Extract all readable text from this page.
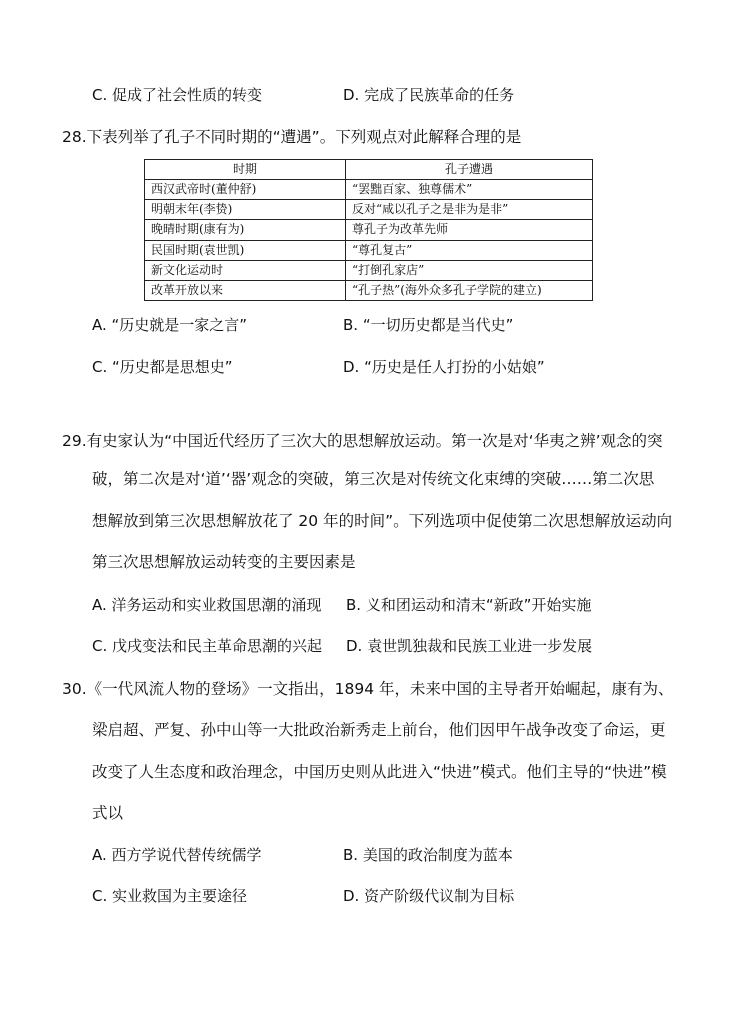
C. 促成了社会性质的转变	D. 完成了民族革命的任务
28.下表列举了孔子不同时期的“遭遇”。下列观点对此解释合理的是
时期	孔子遭遇
西汉武帝时(董仲舒)	“罢黜百家、独尊儒术”
明朝末年(李贽)	反对“咸以孔子之是非为是非”
晚晴时期(康有为)	尊孔子为改革先师
民国时期(袁世凯)	“尊孔复古”
新文化运动时	“打倒孔家店”
改革开放以来	“孔子热”(海外众多孔子学院的建立)
A. “历史就是一家之言”	B. “一切历史都是当代史”
C. “历史都是思想史”	D. “历史是任人打扮的小姑娘”
29.有史家认为“中国近代经历了三次大的思想解放运动。第一次是对‘华夷之辨’观念的突
破，第二次是对‘道’‘器’观念的突破，第三次是对传统文化束缚的突破……第二次思
想解放到第三次思想解放花了 20 年的时间”。下列选项中促使第二次思想解放运动向
第三次思想解放运动转变的主要因素是
A. 洋务运动和实业救国思潮的涌现 B. 义和团运动和清末“新政”开始实施
C. 戊戌变法和民主革命思潮的兴起 D. 袁世凯独裁和民族工业进一步发展
30.《一代风流人物的登场》一文指出，1894 年，未来中国的主导者开始崛起，康有为、
梁启超、严复、孙中山等一大批政治新秀走上前台，他们因甲午战争改变了命运，更
改变了人生态度和政治理念，中国历史则从此进入“快进”模式。他们主导的“快进”模
式以
A. 西方学说代替传统儒学	B. 美国的政治制度为蓝本
C. 实业救国为主要途径	D. 资产阶级代议制为目标
